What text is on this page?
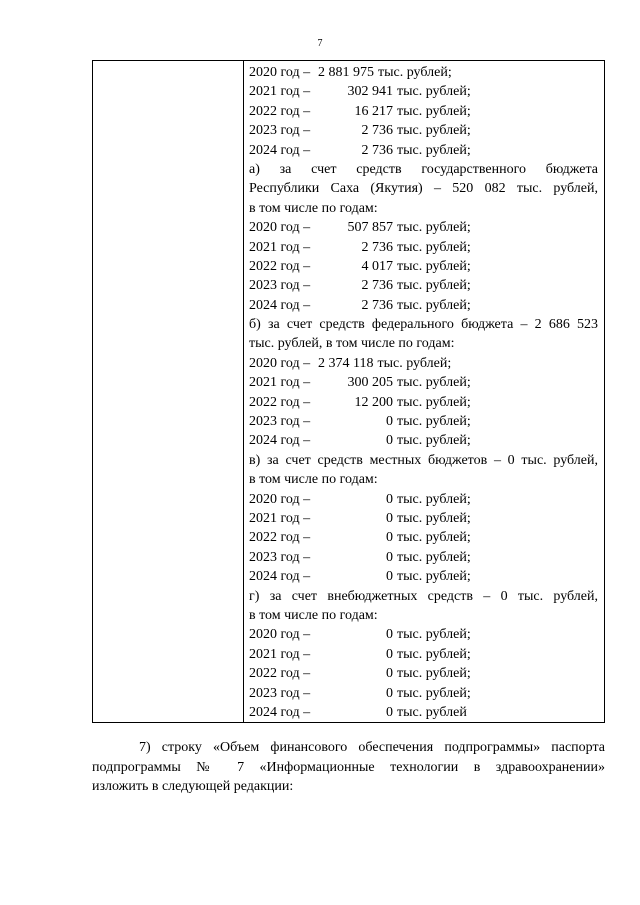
7

2020 год – 2 881 975 тыс. рублей;
2021 год –	302 941 тыс. рублей;
2022 год –	16 217 тыс. рублей;
2023 год –	2 736 тыс. рублей;
2024 год –	2 736 тыс. рублей;
а) за счет средств государственного бюджета
Республики Саха (Якутия) – 520 082 тыс. рублей,
в том числе по годам:
2020 год –	507 857 тыс. рублей;
2021 год –	2 736 тыс. рублей;
2022 год –	4 017 тыс. рублей;
2023 год –	2 736 тыс. рублей;
2024 год –	2 736 тыс. рублей;
б) за счет средств федерального бюджета – 2 686 523
тыс. рублей, в том числе по годам:
2020 год – 2 374 118 тыс. рублей;
2021 год –	300 205 тыс. рублей;
2022 год –	12 200 тыс. рублей;
2023 год –	0 тыс. рублей;
2024 год –	0 тыс. рублей;
в) за счет средств местных бюджетов – 0 тыс. рублей,
в том числе по годам:
2020 год –	0 тыс. рублей;
2021 год –	0 тыс. рублей;
2022 год –	0 тыс. рублей;
2023 год –	0 тыс. рублей;
2024 год –	0 тыс. рублей;
г) за счет внебюджетных средств – 0 тыс. рублей,
в том числе по годам:
2020 год –	0 тыс. рублей;
2021 год –	0 тыс. рублей;
2022 год –	0 тыс. рублей;
2023 год –	0 тыс. рублей;
2024 год –	0 тыс. рублей
7) строку «Объем финансового обеспечения подпрограммы» паспорта
подпрограммы № 7 «Информационные технологии в здравоохранении»
изложить в следующей редакции:
